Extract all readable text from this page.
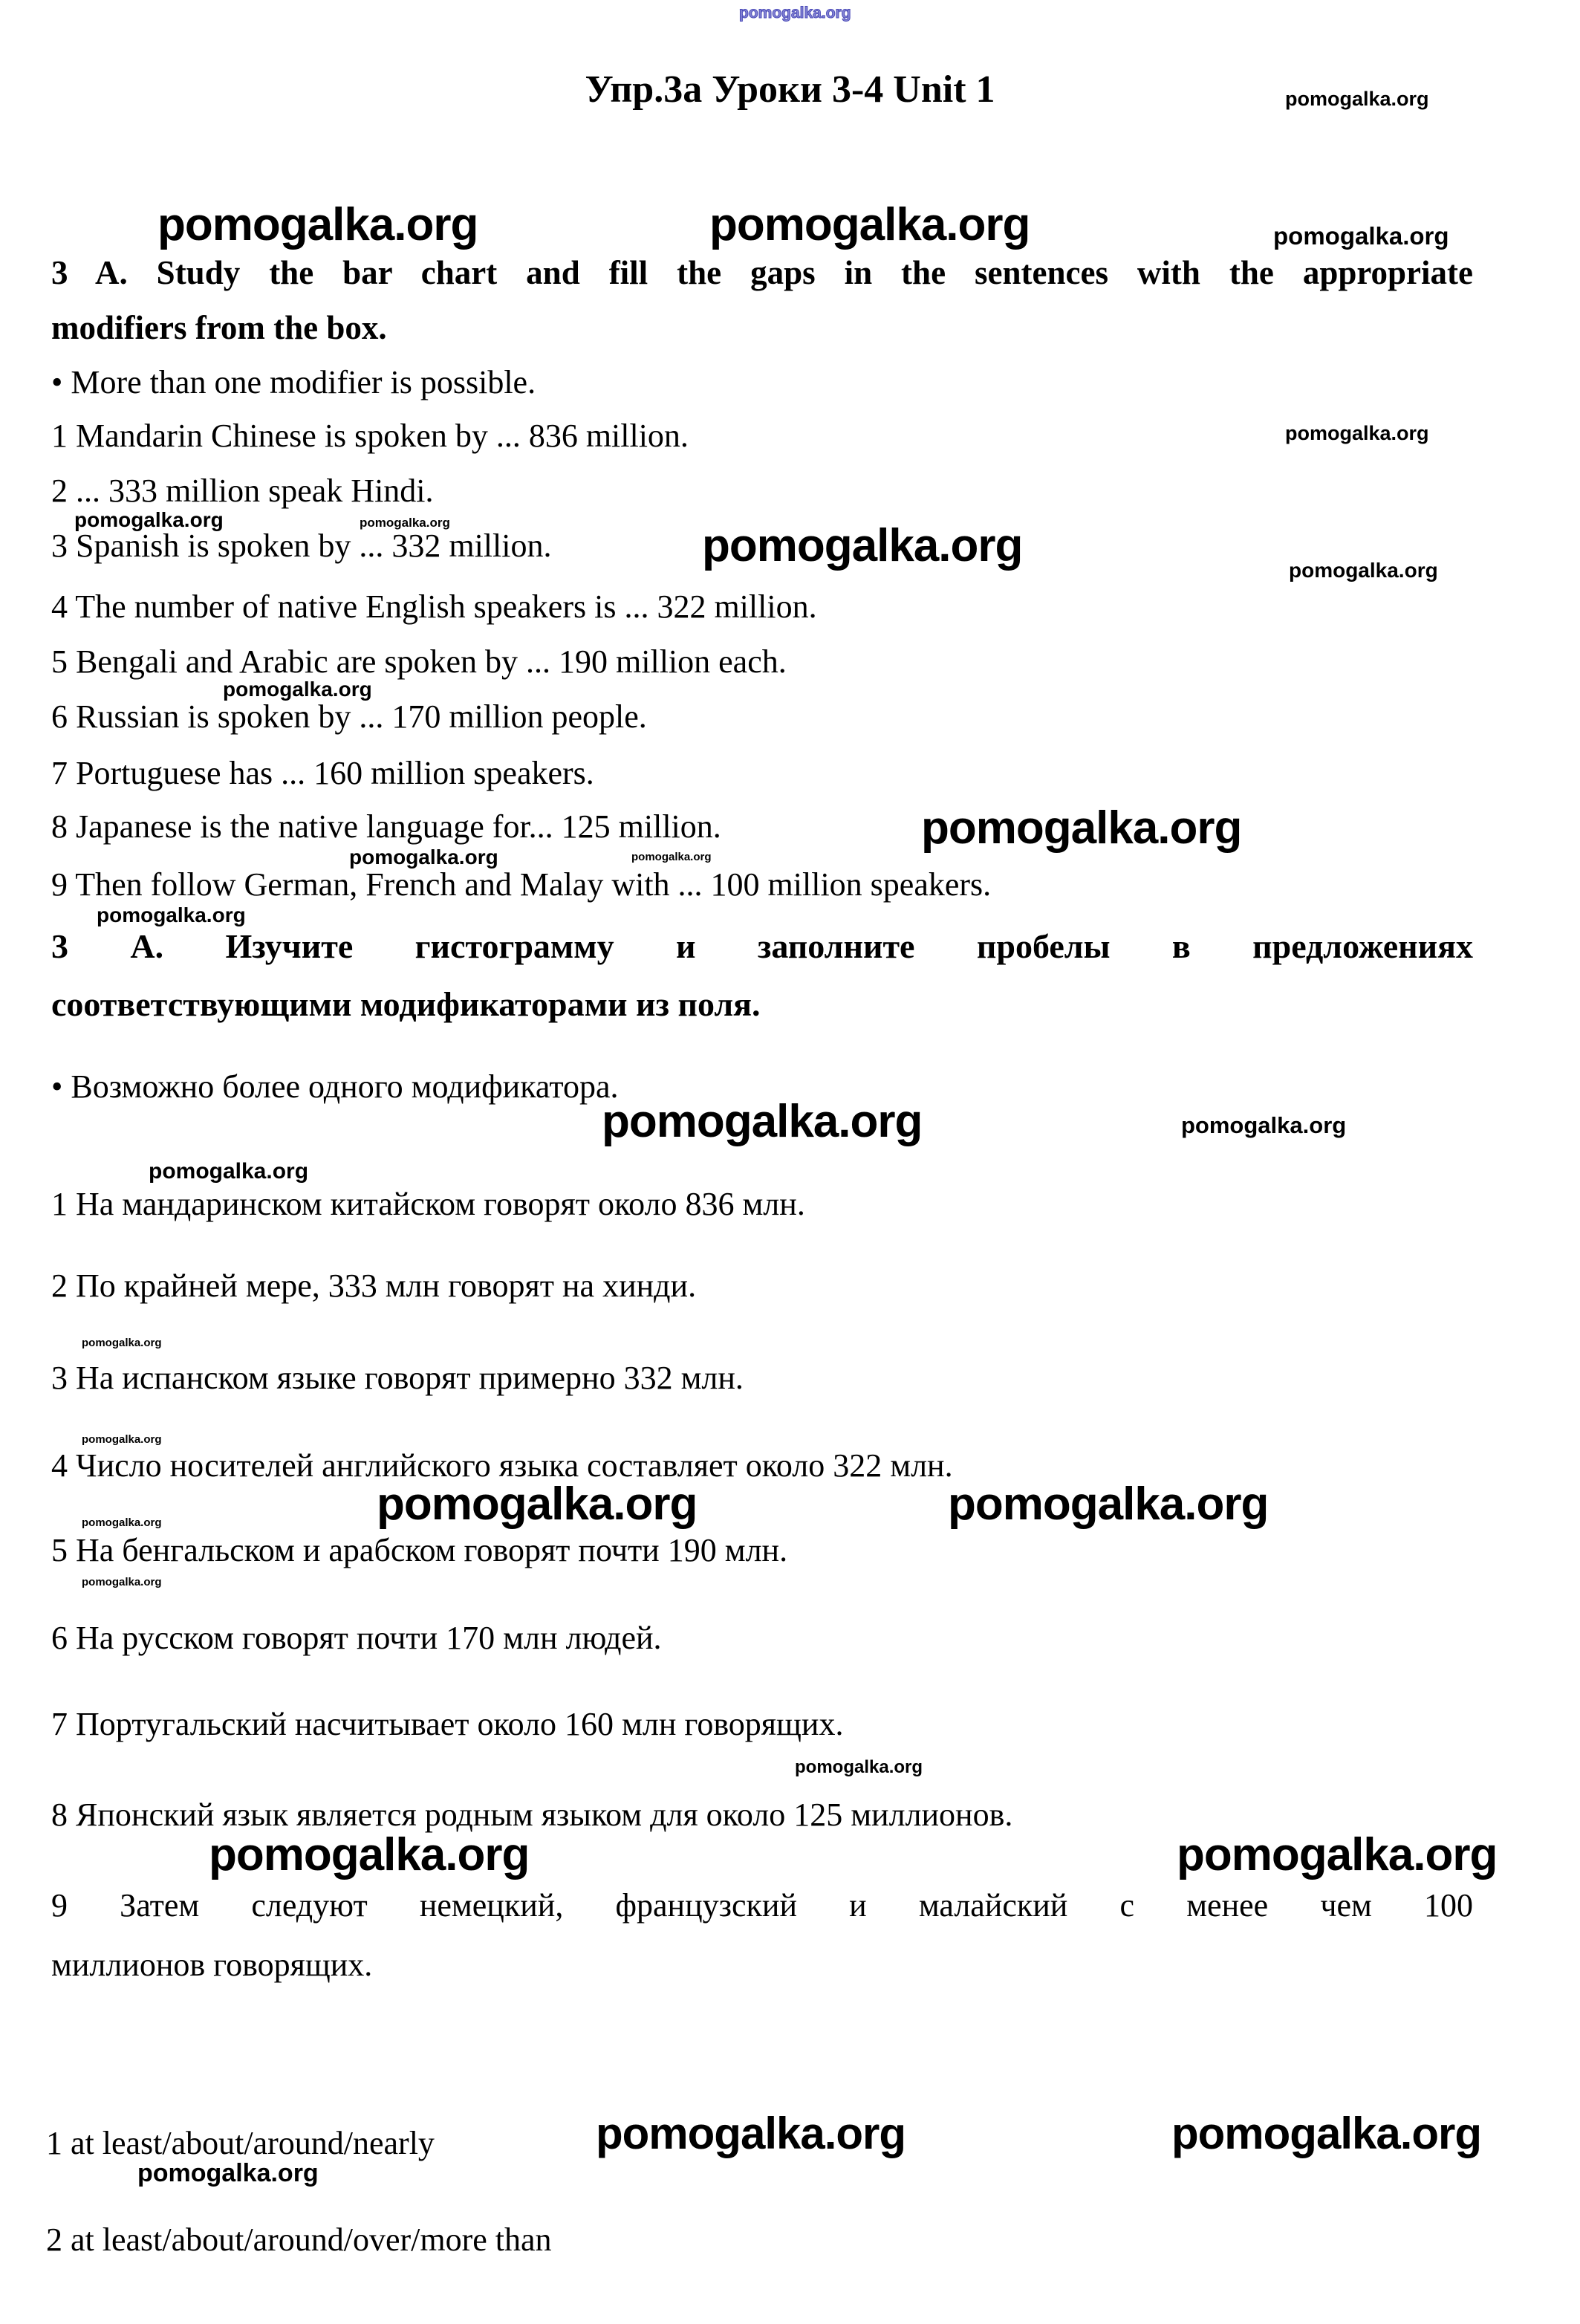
pomogalka.org
Упр.3а Уроки 3-4 Unit 1	pomogalka.org
pomogalka.org	pomogalka.org	pomogalka.org
3 A. Study the bar chart and fill the gaps in the sentences with the appropriate
modifiers from the box.
• More than one modifier is possible.
1 Mandarin Chinese is spoken by ... 836 million.	pomogalka.org
2 ... 333 million speak Hindi.
pomogalka.org	pomogalka.org
3 Spanish is spoken by ... 332 million.	pomogalka.org	pomogalka.org
4 The number of native English speakers is ... 322 million.
5 Bengali and Arabic are spoken by ... 190 million each.
pomogalka.org
6 Russian is spoken by ... 170 million people.
7 Portuguese has ... 160 million speakers.
8 Japanese is the native language for... 125 million.	pomogalka.org
pomogalka.org	pomogalka.org
9 Then follow German, French and Malay with ... 100 million speakers.
pomogalka.org
3 А. Изучите гистограмму и заполните пробелы в предложениях
соответствующими модификаторами из поля.
• Возможно более одного модификатора.
pomogalka.org	pomogalka.org
pomogalka.org
1 На мандаринском китайском говорят около 836 млн.
2 По крайней мере, 333 млн говорят на хинди.
pomogalka.org
3 На испанском языке говорят примерно 332 млн.
pomogalka.org
4 Число носителей английского языка составляет около 322 млн.
pomogalka.org	pomogalka.org
pomogalka.org
5 На бенгальском и арабском говорят почти 190 млн.
pomogalka.org
6 На русском говорят почти 170 млн людей.
7 Португальский насчитывает около 160 млн говорящих.
pomogalka.org
8 Японский язык является родным языком для около 125 миллионов.
pomogalka.org	pomogalka.org
9 Затем следуют немецкий, французский и малайский с менее чем 100
миллионов говорящих.
1 at least/about/around/nearly	pomogalka.org	pomogalka.org
pomogalka.org
2 at least/about/around/over/more than
